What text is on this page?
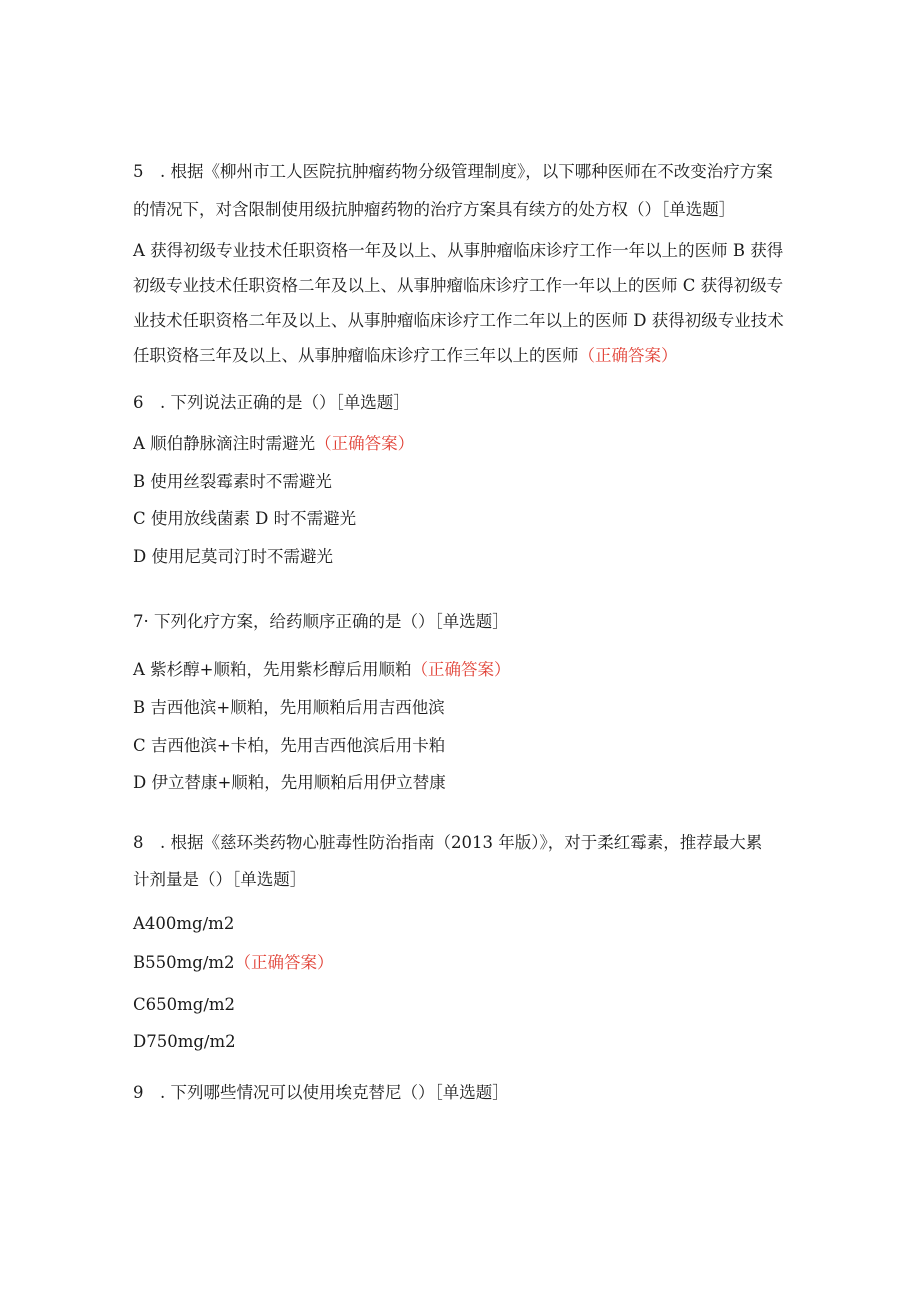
5　. 根据《柳州市工人医院抗肿瘤药物分级管理制度》，以下哪种医师在不改变治疗方案
的情况下，对含限制使用级抗肿瘤药物的治疗方案具有续方的处方权（）［单选题］
A 获得初级专业技术任职资格一年及以上、从事肿瘤临床诊疗工作一年以上的医师 B 获得初级专业技术任职资格二年及以上、从事肿瘤临床诊疗工作一年以上的医师 C 获得初级专业技术任职资格二年及以上、从事肿瘤临床诊疗工作二年以上的医师 D 获得初级专业技术任职资格三年及以上、从事肿瘤临床诊疗工作三年以上的医师（正确答案）
6　. 下列说法正确的是（）［单选题］
A 顺伯静脉滴注时需避光（正确答案）
B 使用丝裂霉素时不需避光
C 使用放线菌素 D 时不需避光
D 使用尼莫司汀时不需避光
7· 下列化疗方案，给药顺序正确的是（）［单选题］
A 紫杉醇+顺粕，先用紫杉醇后用顺粕（正确答案）
B 吉西他滨+顺粕，先用顺粕后用吉西他滨
C 吉西他滨+卡柏，先用吉西他滨后用卡粕
D 伊立替康+顺粕，先用顺粕后用伊立替康
8　. 根据《慈环类药物心脏毒性防治指南（2013 年版）》，对于柔红霉素，推荐最大累
计剂量是（）［单选题］
A400mg∕m2
B550mg∕m2（正确答案）
C650mg∕m2
D750mg∕m2
9　. 下列哪些情况可以使用埃克替尼（）［单选题］
